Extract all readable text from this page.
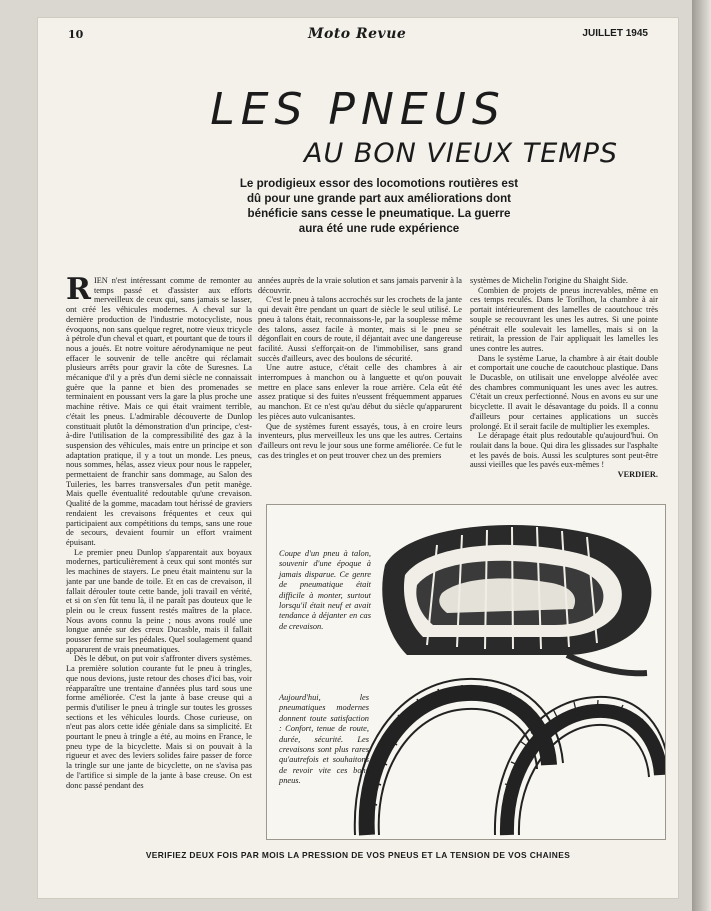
10	Moto Revue	JUILLET 1945
LES PNEUS
AU BON VIEUX TEMPS
Le prodigieux essor des locomotions routières est dû pour une grande part aux améliorations dont bénéficie sans cesse le pneumatique. La guerre aura été une rude expérience

RIEN n'est intéressant comme de remonter au temps passé et d'assister aux efforts merveilleux de ceux qui, sans jamais se lasser, ont créé les véhicules modernes. A cheval sur la dernière production de l'industrie motocycliste, nous évoquons, non sans quelque regret, notre vieux tricycle à pétrole d'un cheval et quart, et pourtant que de tours il nous a joués. Et notre voiture aérodynamique ne peut effacer le souvenir de telle ancêtre qui réclamait plusieurs arrêts pour gravir la côte de Suresnes. La mécanique d'il y a près d'un demi siècle ne connaissait guère que la panne et bien des promenades se terminaient en poussant vers la gare la plus proche une machine rétive. Mais ce qui était vraiment terrible, c'était les pneus. L'admirable découverte de Dunlop constituait plutôt la démonstration d'un principe, c'est-à-dire l'utilisation de la compressibilité des gaz à la suspension des véhicules, mais entre un principe et son adaptation pratique, il y a tout un monde. Les pneus, nous sommes, hélas, assez vieux pour nous le rappeler, permettaient de franchir sans dommage, au Salon des Tuileries, les barres transversales d'un petit manège. Mais quelle éventualité redoutable qu'une crevaison. Qualité de la gomme, macadam tout hérissé de graviers rendaient les crevaisons fréquentes et ceux qui participaient aux compétitions du temps, sans une roue de secours, devaient fournir un effort vraiment épuisant.

Le premier pneu Dunlop s'apparentait aux boyaux modernes, particulièrement à ceux qui sont montés sur les machines de stayers. Le pneu était maintenu sur la jante par une bande de toile. Et en cas de crevaison, il fallait dérouler toute cette bande, joli travail en vérité, et si on s'en fût tenu là, il ne paraît pas douteux que le plein ou le creux fussent restés maîtres de la place. Nous avons connu la peine ; nous avons roulé une longue année sur des creux Ducasble, mais il fallait pousser ferme sur les pédales. Quel soulagement quand apparurent de vrais pneumatiques.

Dès le début, on put voir s'affronter divers systèmes. La première solution courante fut le pneu à tringles, que nous devions, juste retour des choses d'ici bas, voir réapparaître une trentaine d'années plus tard sous une forme améliorée. C'est la jante à base creuse qui a permis d'utiliser le pneu à tringle sur toutes les grosses sections et les véhicules lourds. Chose curieuse, on n'eut pas alors cette idée géniale dans sa simplicité. Et pourtant le pneu à tringle a été, au moins en France, le pneu type de la bicyclette. Mais si on pouvait à la rigueur et avec des leviers solides faire passer de force la tringle sur une jante de bicyclette, on ne s'avisa pas de l'artifice si simple de la jante à base creuse. On est donc passé pendant des

années auprès de la vraie solution et sans jamais parvenir à la découvrir.

C'est le pneu à talons accrochés sur les crochets de la jante qui devait être pendant un quart de siècle le seul utilisé. Le pneu à talons était, reconnaissons-le, par la souplesse même des talons, assez facile à monter, mais si le pneu se dégonflait en cours de route, il déjantait avec une dangereuse facilité. Aussi s'efforçait-on de l'immobiliser, sans grand succès d'ailleurs, avec des boulons de sécurité.

Une autre astuce, c'était celle des chambres à air interrompues à manchon ou à languette et qu'on pouvait mettre en place sans enlever la roue arrière. Cela eût été assez pratique si des fuites n'eussent fréquemment apparues au manchon. Et ce n'est qu'au début du siècle qu'apparurent les pièces auto vulcanisantes.

Que de systèmes furent essayés, tous, à en croire leurs inventeurs, plus merveilleux les uns que les autres. Certains d'ailleurs ont revu le jour sous une forme améliorée. Ce fut le cas des tringles et on peut trouver chez un des premiers

systèmes de Michelin l'origine du Shaight Side.

Combien de projets de pneus increvables, même en ces temps reculés. Dans le Torilhon, la chambre à air portait intérieurement des lamelles de caoutchouc très souple se recouvrant les unes les autres. Si une pointe pénétrait elle soulevait les lamelles, mais si on la retirait, la pression de l'air appliquait les lamelles les unes contre les autres.

Dans le système Larue, la chambre à air était double et comportait une couche de caoutchouc plastique. Dans le Ducasble, on utilisait une enveloppe alvéolée avec des chambres communiquant les unes avec les autres. C'était un creux perfectionné. Nous en avons eu sur une bicyclette. Il avait le désavantage du poids. Il a connu d'ailleurs pour certaines applications un succès prolongé. Et il serait facile de multiplier les exemples.

Le dérapage était plus redoutable qu'aujourd'hui. On roulait dans la boue. Qui dira les glissades sur l'asphalte et les pavés de bois. Aussi les sculptures sont peut-être aussi vieilles que les pavés eux-mêmes !

VERDIER.
Coupe d'un pneu à talon, souvenir d'une époque à jamais disparue. Ce genre de pneumatique était difficile à monter, surtout lorsqu'il était neuf et avait tendance à déjanter en cas de crevaison.
Aujourd'hui, les pneumatiques modernes donnent toute satisfaction : Confort, tenue de route, durée, sécurité. Les crevaisons sont plus rares qu'autrefois et souhaitons de revoir vite ces bons pneus.
VERIFIEZ DEUX FOIS PAR MOIS LA PRESSION DE VOS PNEUS ET LA TENSION DE VOS CHAINES
